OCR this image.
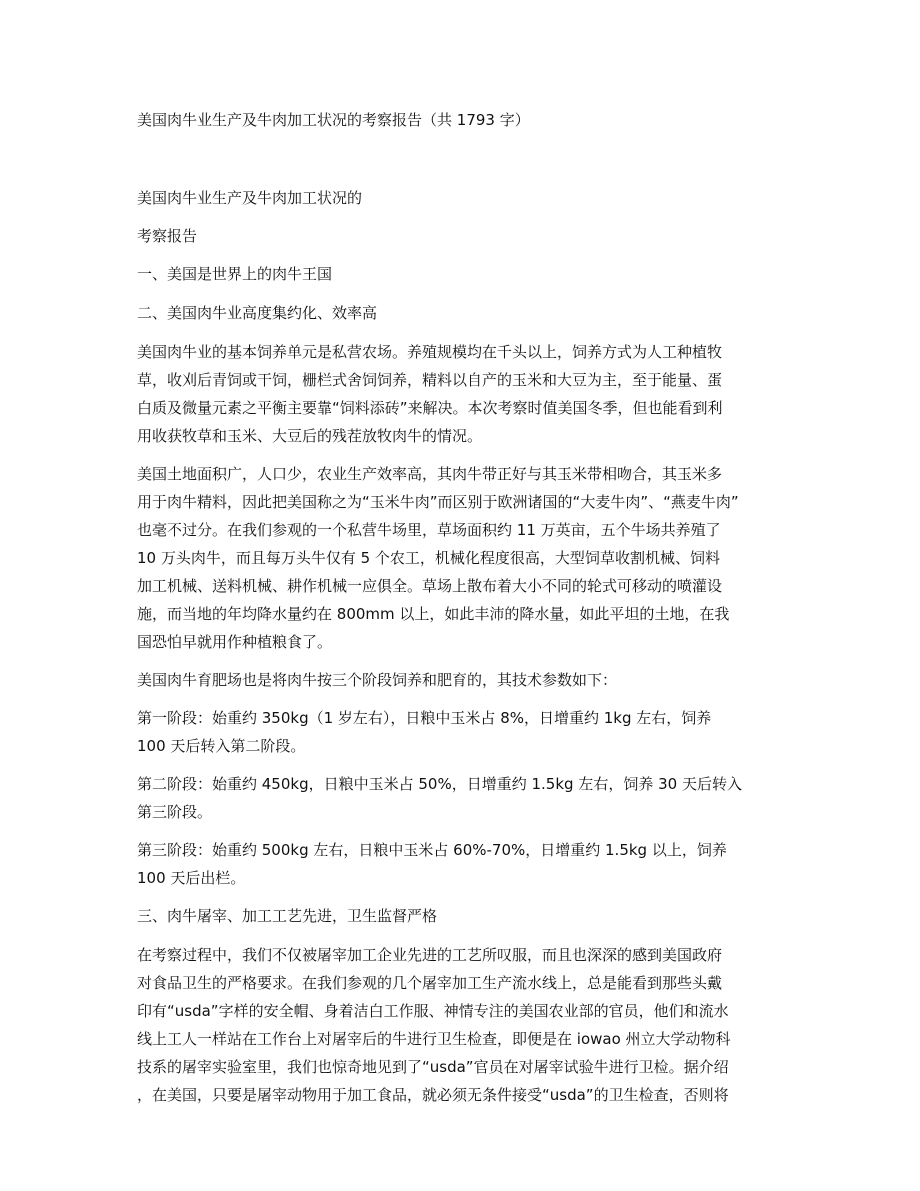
美国肉牛业生产及牛肉加工状况的考察报告（共 1793 字）
美国肉牛业生产及牛肉加工状况的
考察报告
一、美国是世界上的肉牛王国
二、美国肉牛业高度集约化、效率高
美国肉牛业的基本饲养单元是私营农场。养殖规模均在千头以上，饲养方式为人工种植牧
草，收刈后青饲或干饲，栅栏式舍饲饲养，精料以自产的玉米和大豆为主，至于能量、蛋
白质及微量元素之平衡主要靠“饲料添砖”来解决。本次考察时值美国冬季，但也能看到利
用收获牧草和玉米、大豆后的残茬放牧肉牛的情况。
美国土地面积广，人口少，农业生产效率高，其肉牛带正好与其玉米带相吻合，其玉米多
用于肉牛精料，因此把美国称之为“玉米牛肉”而区别于欧洲诸国的“大麦牛肉”、“燕麦牛肉”
也毫不过分。在我们参观的一个私营牛场里，草场面积约 11 万英亩，五个牛场共养殖了
10 万头肉牛，而且每万头牛仅有 5 个农工，机械化程度很高，大型饲草收割机械、饲料
加工机械、送料机械、耕作机械一应俱全。草场上散布着大小不同的轮式可移动的喷灌设
施，而当地的年均降水量约在 800mm 以上，如此丰沛的降水量，如此平坦的土地，在我
国恐怕早就用作种植粮食了。
美国肉牛育肥场也是将肉牛按三个阶段饲养和肥育的，其技术参数如下：
第一阶段：始重约 350kg（1 岁左右），日粮中玉米占 8%，日增重约 1kg 左右，饲养
100 天后转入第二阶段。
第二阶段：始重约 450kg，日粮中玉米占 50%，日增重约 1.5kg 左右，饲养 30 天后转入
第三阶段。
第三阶段：始重约 500kg 左右，日粮中玉米占 60%-70%，日增重约 1.5kg 以上，饲养
100 天后出栏。
三、肉牛屠宰、加工工艺先进，卫生监督严格
在考察过程中，我们不仅被屠宰加工企业先进的工艺所叹服，而且也深深的感到美国政府
对食品卫生的严格要求。在我们参观的几个屠宰加工生产流水线上，总是能看到那些头戴
印有“usda”字样的安全帽、身着洁白工作服、神情专注的美国农业部的官员，他们和流水
线上工人一样站在工作台上对屠宰后的牛进行卫生检查，即便是在 iowao 州立大学动物科
技系的屠宰实验室里，我们也惊奇地见到了“usda”官员在对屠宰试验牛进行卫检。据介绍
，在美国，只要是屠宰动物用于加工食品，就必须无条件接受“usda”的卫生检查，否则将
